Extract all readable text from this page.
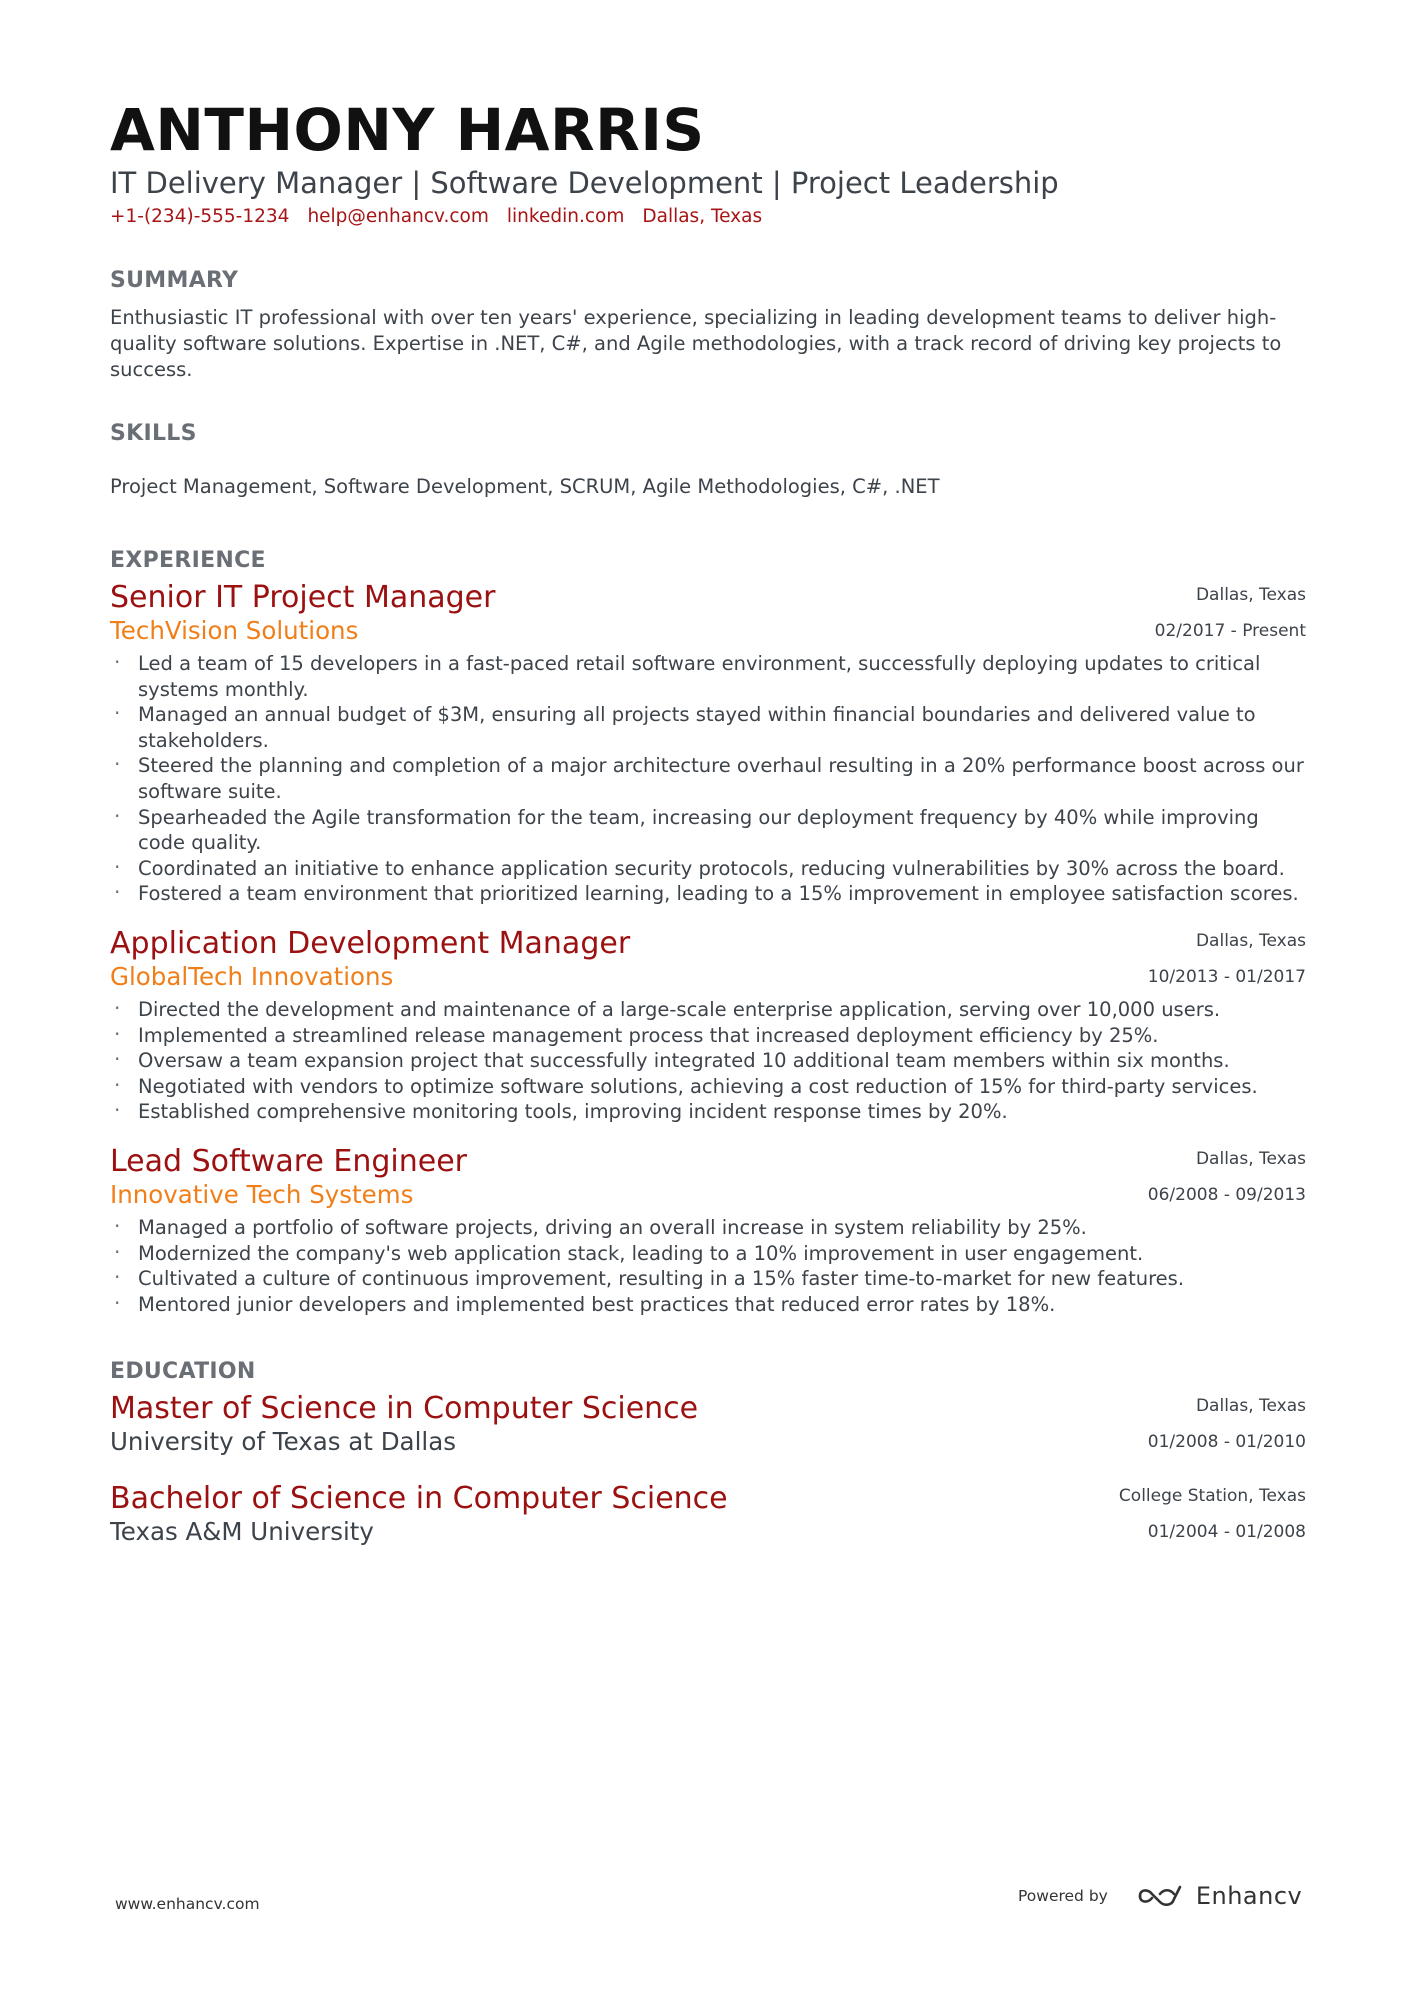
ANTHONY HARRIS
IT Delivery Manager | Software Development | Project Leadership
+1-(234)-555-1234 help@enhancv.com linkedin.com Dallas, Texas
SUMMARY
Enthusiastic IT professional with over ten years' experience, specializing in leading development teams to deliver high-quality software solutions. Expertise in .NET, C#, and Agile methodologies, with a track record of driving key projects to success.
SKILLS
Project Management, Software Development, SCRUM, Agile Methodologies, C#, .NET
EXPERIENCE
Senior IT Project Manager
TechVision Solutions
Dallas, Texas
02/2017 - Present
· Led a team of 15 developers in a fast-paced retail software environment, successfully deploying updates to critical systems monthly.
· Managed an annual budget of $3M, ensuring all projects stayed within financial boundaries and delivered value to stakeholders.
· Steered the planning and completion of a major architecture overhaul resulting in a 20% performance boost across our software suite.
· Spearheaded the Agile transformation for the team, increasing our deployment frequency by 40% while improving code quality.
· Coordinated an initiative to enhance application security protocols, reducing vulnerabilities by 30% across the board.
· Fostered a team environment that prioritized learning, leading to a 15% improvement in employee satisfaction scores.
Application Development Manager
GlobalTech Innovations
Dallas, Texas
10/2013 - 01/2017
· Directed the development and maintenance of a large-scale enterprise application, serving over 10,000 users.
· Implemented a streamlined release management process that increased deployment efficiency by 25%.
· Oversaw a team expansion project that successfully integrated 10 additional team members within six months.
· Negotiated with vendors to optimize software solutions, achieving a cost reduction of 15% for third-party services.
· Established comprehensive monitoring tools, improving incident response times by 20%.
Lead Software Engineer
Innovative Tech Systems
Dallas, Texas
06/2008 - 09/2013
· Managed a portfolio of software projects, driving an overall increase in system reliability by 25%.
· Modernized the company's web application stack, leading to a 10% improvement in user engagement.
· Cultivated a culture of continuous improvement, resulting in a 15% faster time-to-market for new features.
· Mentored junior developers and implemented best practices that reduced error rates by 18%.
EDUCATION
Master of Science in Computer Science
University of Texas at Dallas
Dallas, Texas
01/2008 - 01/2010
Bachelor of Science in Computer Science
Texas A&M University
College Station, Texas
01/2004 - 01/2008
www.enhancv.com	Powered by	Enhancv
